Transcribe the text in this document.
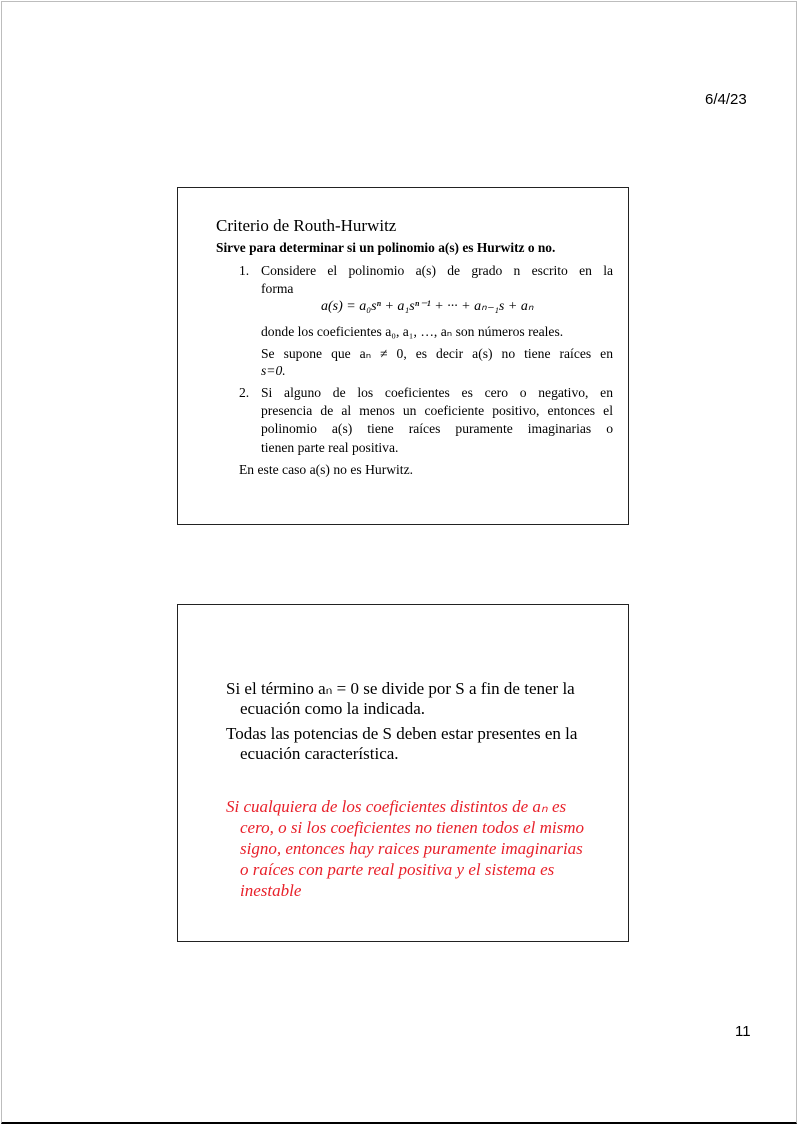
6/4/23
Criterio de Routh-Hurwitz
Sirve para determinar si un polinomio a(s) es Hurwitz o no.
1. Considere el polinomio a(s) de grado n escrito en la
forma
a(s) = a₀sⁿ + a₁sⁿ⁻¹ + ··· + aₙ₋₁s + aₙ
donde los coeficientes a₀, a₁, …, aₙ son números reales.
Se supone que aₙ ≠ 0, es decir a(s) no tiene raíces en
s=0.
2. Si alguno de los coeficientes es cero o negativo, en
presencia de al menos un coeficiente positivo, entonces el
polinomio a(s) tiene raíces puramente imaginarias o
tienen parte real positiva.
En este caso a(s) no es Hurwitz.
Si el término aₙ = 0 se divide por S a fin de tener la
ecuación como la indicada.
Todas las potencias de S deben estar presentes en la
ecuación característica.
Si cualquiera de los coeficientes distintos de aₙ es
cero, o si los coeficientes no tienen todos el mismo
signo, entonces hay raices puramente imaginarias
o raíces con parte real positiva y el sistema es
inestable
11
